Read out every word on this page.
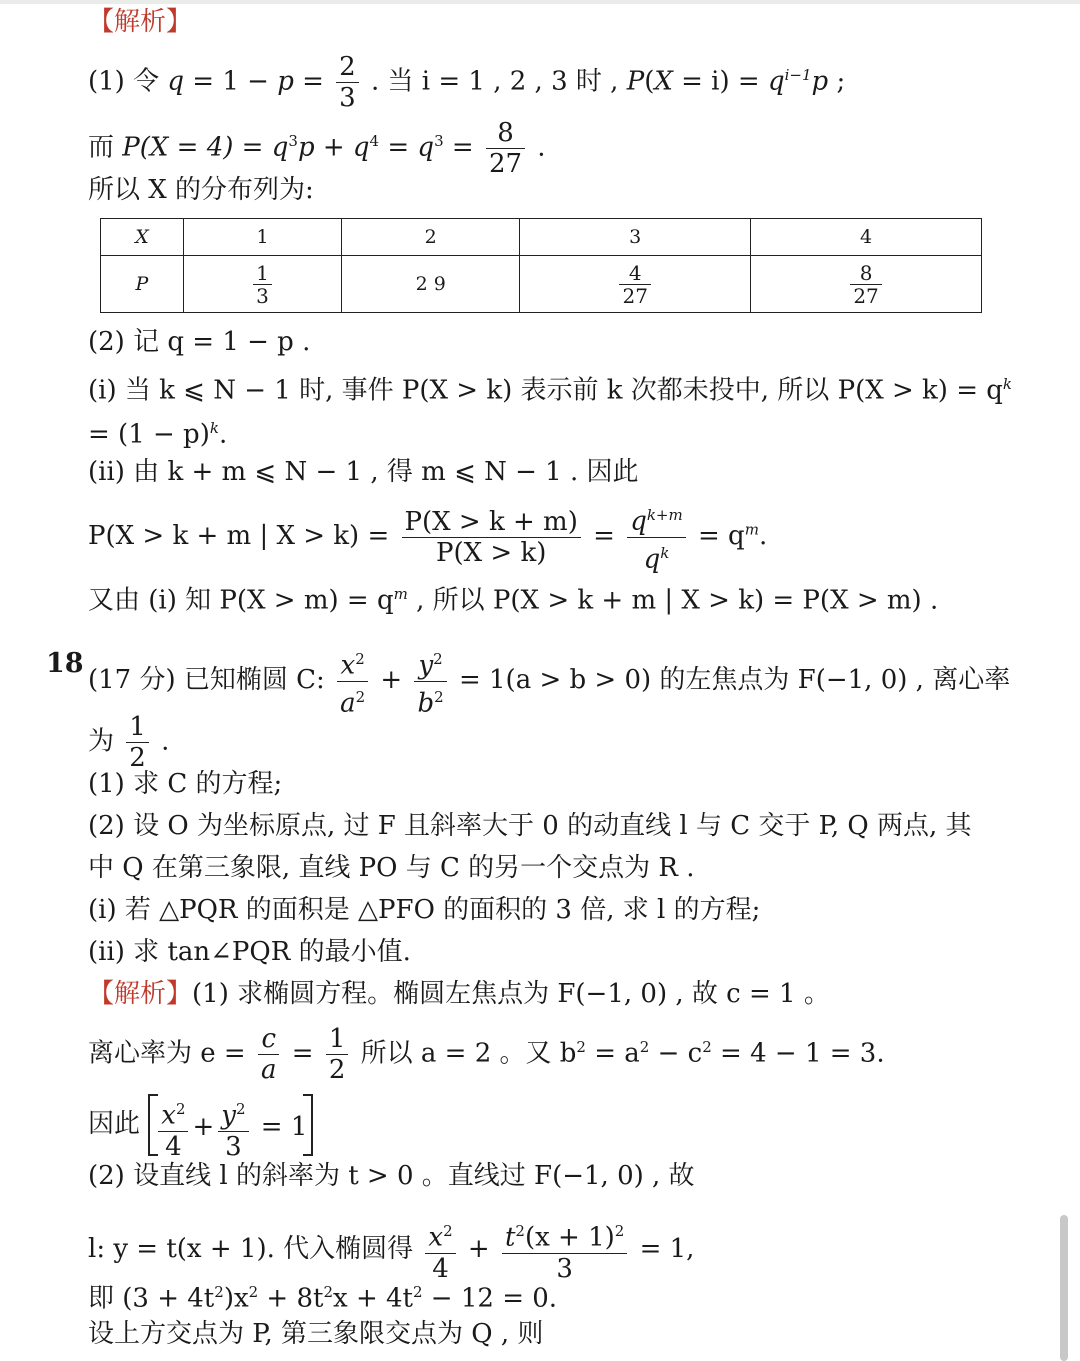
【解析】
(1) 令 $q = 1 - p = \frac{2}{3}$ . 当 i = 1 , 2 , 3 时 , $P(X = i) = q^{i-1}p$ ;
而 $P(X = 4) = q^3p + q^4 = q^3 = \frac{8}{27}$ .
所以 X 的分布列为:
X	1	2	3	4
P	$\frac{1}{3}$	2 9	$\frac{4}{27}$	$\frac{8}{27}$
(2) 记 q = 1 − p .
(i) 当 k ⩽ N − 1 时, 事件 P(X > k) 表示前 k 次都未投中, 所以 $P(X > k) = q^k$
= $(1 - p)^k$.
(ii) 由 k + m ⩽ N − 1 , 得 m ⩽ N − 1 . 因此
P(X > k + m | $X > k) = \frac{P(X > k + m)}{P(X > k)} = \frac{q^{k+m}}{q^k} = q^m$.
又由 (i) 知 $P(X > m) = q^m$ , 所以 P(X > k + m | X > k) = P(X > m) .
18
(17 分) 已知椭圆 C: $\frac{x^2}{a^2} + \frac{y^2}{b^2} = 1(a > b > 0)$ 的左焦点为 F(−1, 0) , 离心率
为 $\frac{1}{2}$ .
(1) 求 C 的方程;
(2) 设 O 为坐标原点, 过 F 且斜率大于 0 的动直线 l 与 C 交于 P, Q 两点, 其
中 Q 在第三象限, 直线 PO 与 C 的另一个交点为 R .
(i) 若 △PQR 的面积是 △PFO 的面积的 3 倍, 求 l 的方程;
(ii) 求 tan∠PQR 的最小值.
【解析】(1) 求椭圆方程。椭圆左焦点为 F(−1, 0) , 故 c = 1 。
离心率为 $e = \frac{c}{a} = \frac{1}{2}$ 所以 a = 2 。又 $b^2 = a^2 - c^2 = 4 - 1 = 3$.
因此 $\frac{x^2}{4} + \frac{y^2}{3} = 1$
(2) 设直线 l 的斜率为 t > 0 。直线过 F(−1, 0) , 故
l: y = t(x + 1). 代入椭圆得 $\frac{x^2}{4} + \frac{t^2(x + 1)^2}{3} = 1$,
即 $(3 + 4t^2)x^2 + 8t^2x + 4t^2 - 12 = 0$.
设上方交点为 P, 第三象限交点为 Q , 则
